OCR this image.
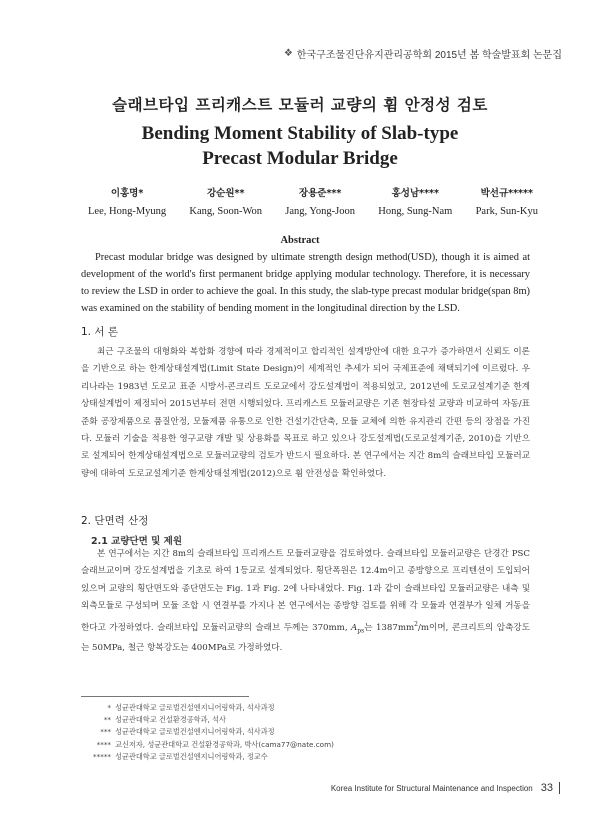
❖ 한국구조물진단유지관리공학회 2015년 봄 학술발표회 논문집
슬래브타입 프리캐스트 모듈러 교량의 휨 안정성 검토
Bending Moment Stability of Slab-type
Precast Modular Bridge
이홍명*
Lee, Hong-Myung
강순원**
Kang, Soon-Won
장용준***
Jang, Yong-Joon
홍성남****
Hong, Sung-Nam
박선규*****
Park, Sun-Kyu
Abstract

Precast modular bridge was designed by ultimate strength design method(USD), though it is aimed at development of the world's first permanent bridge applying modular technology. Therefore, it is necessary to review the LSD in order to achieve the goal. In this study, the slab-type precast modular bridge(span 8m) was examined on the stability of bending moment in the longitudinal direction by the LSD.

1. 서 론

최근 구조물의 대형화와 복합화 경향에 따라 경제적이고 합리적인 설계방안에 대한 요구가 증가하면서 신뢰도 이론을 기반으로 하는 한계상태설계법(Limit State Design)이 세계적인 추세가 되어 국제표준에 채택되기에 이르렀다. 우리나라는 1983년 도로교 표준 시방서-콘크리트 도로교에서 강도설계법이 적용되었고, 2012년에 도로교설계기준 한계상태설계법이 제정되어 2015년부터 전면 시행되었다. 프리캐스트 모듈러교량은 기존 현장타설 교량과 비교하여 자동/표준화 공장제품으로 품질안정, 모듈제품 유통으로 인한 건설기간단축, 모듈 교체에 의한 유지관리 간편 등의 장점을 가진다. 모듈러 기술을 적용한 영구교량 개발 및 상용화를 목표로 하고 있으나 강도설계법(도로교설계기준, 2010)을 기반으로 설계되어 한계상태설계법으로 모듈러교량의 검토가 반드시 필요하다. 본 연구에서는 지간 8m의 슬래브타입 모듈러교량에 대하여 도로교설계기준 한계상태설계법(2012)으로 휨 안전성을 확인하였다.

2. 단면력 산정
2.1 교량단면 및 제원

본 연구에서는 지간 8m의 슬래브타입 프리캐스트 모듈러교량을 검토하였다. 슬래브타입 모듈러교량은 단경간 PSC 슬래브교이며 강도설계법을 기초로 하여 1등교로 설계되었다. 횡단폭원은 12.4m이고 종방향으로 프리텐션이 도입되어 있으며 교량의 횡단면도와 종단면도는 Fig. 1과 Fig. 2에 나타내었다. Fig. 1과 같이 슬래브타입 모듈러교량은 내측 및 외측모듈로 구성되며 모듈 조합 시 연결부를 가지나 본 연구에서는 종방향 검토를 위해 각 모듈과 연결부가 일체 거동을 한다고 가정하였다. 슬래브타입 모듈러교량의 슬래브 두께는 370mm, $A_{ps}$는 $1387mm^2/m$이며, 콘크리트의 압축강도는 50MPa, 철근 항복강도는 400MPa로 가정하였다.

* 성균관대학교 글로벌건설엔지니어링학과, 석사과정
** 성균관대학교 건설환경공학과, 석사
*** 성균관대학교 글로벌건설엔지니어링학과, 석사과정
**** 교신저자, 성균관대학교 건설환경공학과, 박사(cama77@nate.com)
***** 성균관대학교 글로벌건설엔지니어링학과, 정교수
Korea Institute for Structural Maintenance and Inspection 33
